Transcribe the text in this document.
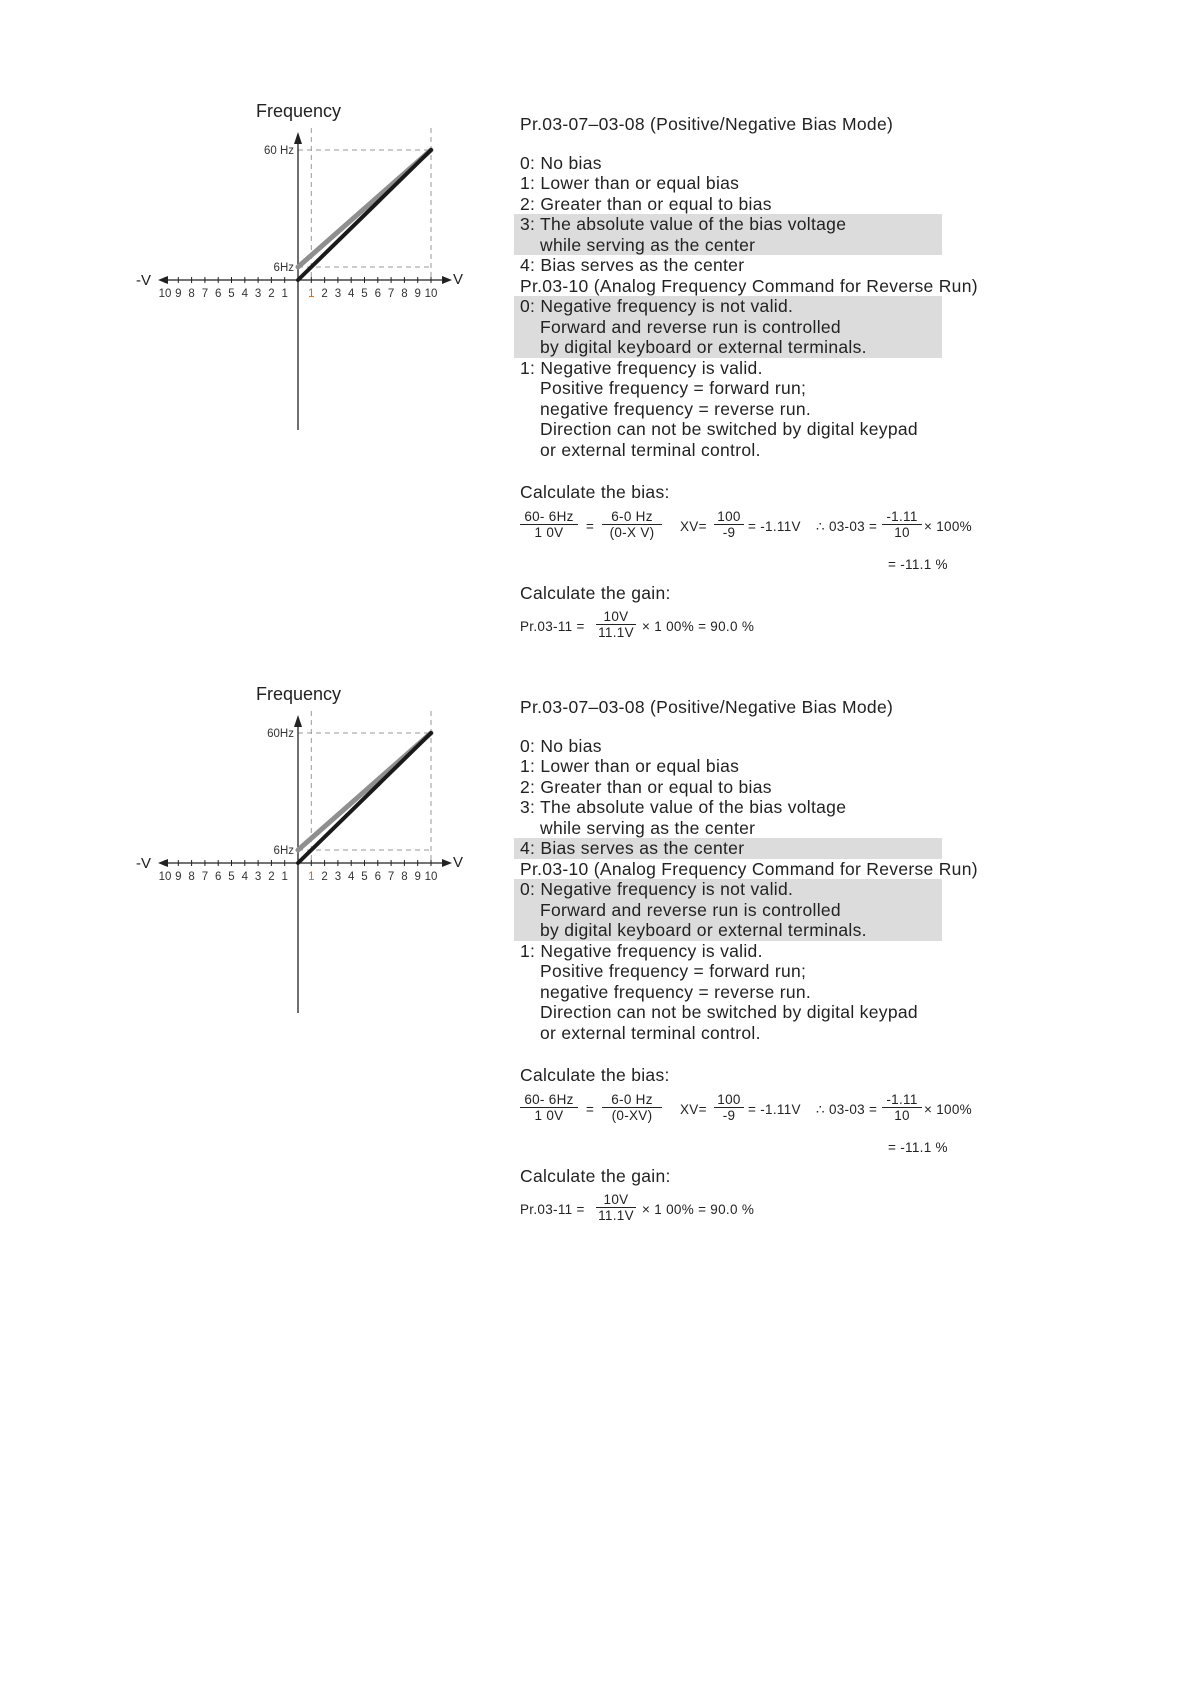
Frequency
-V	V
60 Hz
6Hz
10 9 8 7 6 5 4 3 2 1 1 2 3 4 5 6 7 8 9 10

Pr.03-07–03-08 (Positive/Negative Bias Mode)

0: No bias

1: Lower than or equal bias

2: Greater than or equal to bias

3: The absolute value of the bias voltage

while serving as the center

4: Bias serves as the center

Pr.03-10 (Analog Frequency Command for Reverse Run)

0: Negative frequency is not valid.

Forward and reverse run is controlled

by digital keyboard or external terminals.

1: Negative frequency is valid.

Positive frequency = forward run;

negative frequency = reverse run.

Direction can not be switched by digital keypad

or external terminal control.

Calculate the bias:

$\frac{60- 6Hz}{1 0V} = \frac{6-0 Hz}{\text{(0-X V)}} XV= \frac{100}{-9} = -1.11V$ ∴ $03-03 = \frac{-1.11}{10} \times 100\%$
= -11.1 %

Calculate the gain:

$Pr.03-11 = \frac{10V}{11.1V} \times 1$ 00% = 90.0 %
Frequency
-V	V
60Hz
6Hz
10 9 8 7 6 5 4 3 2 1 1 2 3 4 5 6 7 8 9 10

Pr.03-07–03-08 (Positive/Negative Bias Mode)

0: No bias

1: Lower than or equal bias

2: Greater than or equal to bias

3: The absolute value of the bias voltage

while serving as the center

4: Bias serves as the center

Pr.03-10 (Analog Frequency Command for Reverse Run)

0: Negative frequency is not valid.

Forward and reverse run is controlled

by digital keyboard or external terminals.

1: Negative frequency is valid.

Positive frequency = forward run;

negative frequency = reverse run.

Direction can not be switched by digital keypad

or external terminal control.

Calculate the bias:

$\frac{60- 6Hz}{1 0V} = \frac{6-0 Hz}{(0-XV)} XV= \frac{100}{-9} = -1.11V$ ∴ $03-03 = \frac{-1.11}{10} \times 100\%$
= -11.1 %

Calculate the gain:

$Pr.03-11 = \frac{10V}{11.1V} \times 1$ 00% = 90.0 %
